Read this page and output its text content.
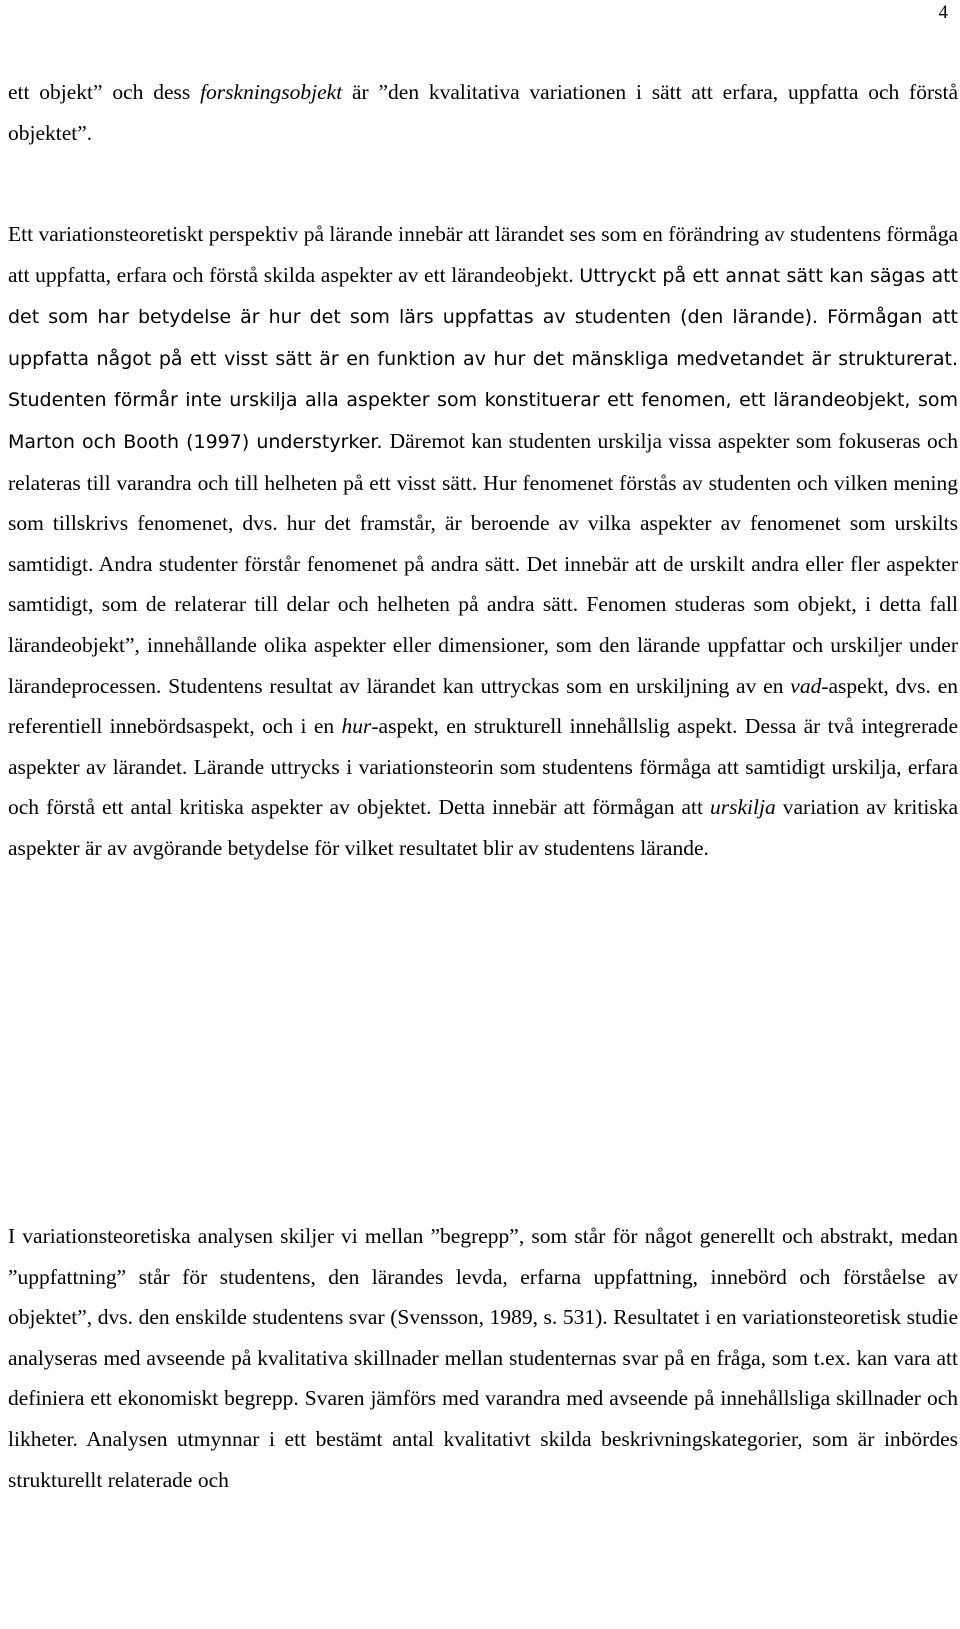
4

ett objekt” och dess forskningsobjekt är ”den kvalitativa variationen i sätt att erfara, uppfatta och förstå objektet”.

Ett variationsteoretiskt perspektiv på lärande innebär att lärandet ses som en förändring av studentens förmåga att uppfatta, erfara och förstå skilda aspekter av ett lärandeobjekt. Uttryckt på ett annat sätt kan sägas att det som har betydelse är hur det som lärs uppfattas av studenten (den lärande). Förmågan att uppfatta något på ett visst sätt är en funktion av hur det mänskliga medvetandet är strukturerat. Studenten förmår inte urskilja alla aspekter som konstituerar ett fenomen, ett lärandeobjekt, som Marton och Booth (1997) understyrker. Däremot kan studenten urskilja vissa aspekter som fokuseras och relateras till varandra och till helheten på ett visst sätt. Hur fenomenet förstås av studenten och vilken mening som tillskrivs fenomenet, dvs. hur det framstår, är beroende av vilka aspekter av fenomenet som urskilts samtidigt. Andra studenter förstår fenomenet på andra sätt. Det innebär att de urskilt andra eller fler aspekter samtidigt, som de relaterar till delar och helheten på andra sätt. Fenomen studeras som objekt, i detta fall lärandeobjekt”, innehållande olika aspekter eller dimensioner, som den lärande uppfattar och urskiljer under lärandeprocessen. Studentens resultat av lärandet kan uttryckas som en urskiljning av en vad-aspekt, dvs. en referentiell innebördsaspekt, och i en hur-aspekt, en strukturell innehållslig aspekt. Dessa är två integrerade aspekter av lärandet. Lärande uttrycks i variationsteorin som studentens förmåga att samtidigt urskilja, erfara och förstå ett antal kritiska aspekter av objektet. Detta innebär att förmågan att urskilja variation av kritiska aspekter är av avgörande betydelse för vilket resultatet blir av studentens lärande.

I variationsteoretiska analysen skiljer vi mellan ”begrepp”, som står för något generellt och abstrakt, medan ”uppfattning” står för studentens, den lärandes levda, erfarna uppfattning, innebörd och förståelse av objektet”, dvs. den enskilde studentens svar (Svensson, 1989, s. 531). Resultatet i en variationsteoretisk studie analyseras med avseende på kvalitativa skillnader mellan studenternas svar på en fråga, som t.ex. kan vara att definiera ett ekonomiskt begrepp. Svaren jämförs med varandra med avseende på innehållsliga skillnader och likheter. Analysen utmynnar i ett bestämt antal kvalitativt skilda beskrivningskategorier, som är inbördes strukturellt relaterade och
